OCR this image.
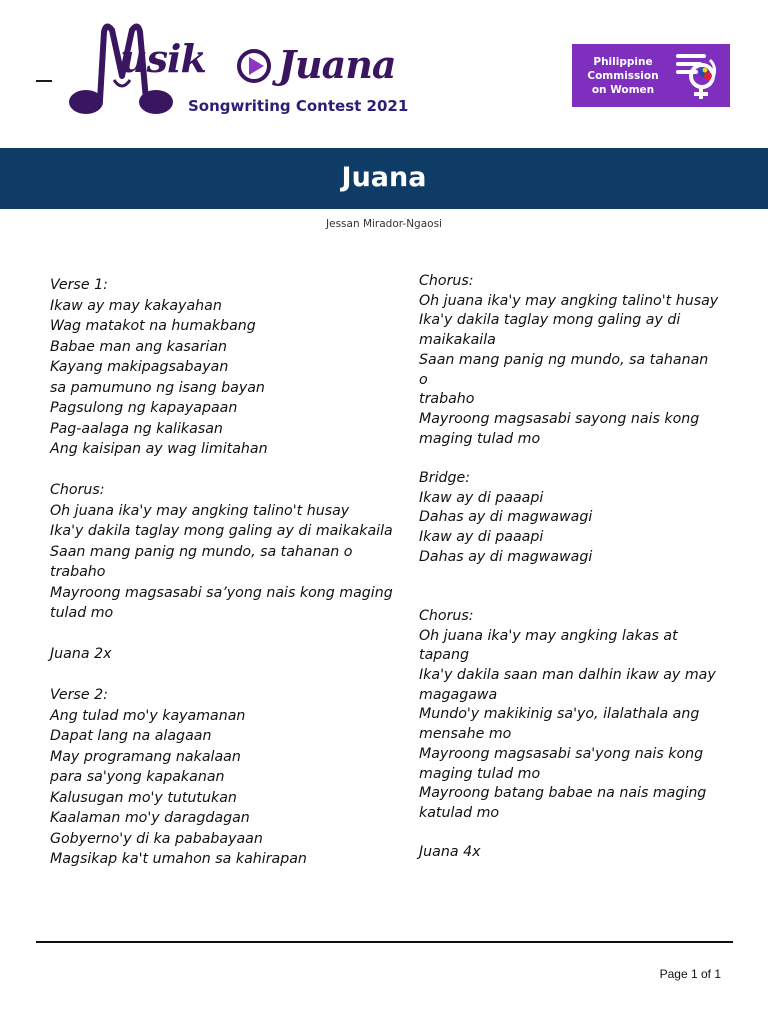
usik Juana
Songwriting Contest 2021
Philippine
Commission
on Women
Juana
Jessan Mirador-Ngaosi
Verse 1:
Ikaw ay may kakayahan
Wag matakot na humakbang
Babae man ang kasarian
Kayang makipagsabayan
sa pamumuno ng isang bayan
Pagsulong ng kapayapaan
Pag-aalaga ng kalikasan
Ang kaisipan ay wag limitahan
Chorus:
Oh juana ika'y may angking talino't husay
Ika'y dakila taglay mong galing ay di maikakaila
Saan mang panig ng mundo, sa tahanan o
trabaho
Mayroong magsasabi sa’yong nais kong maging
tulad mo
Juana 2x
Verse 2:
Ang tulad mo'y kayamanan
Dapat lang na alagaan
May programang nakalaan
para sa'yong kapakanan
Kalusugan mo'y tututukan
Kaalaman mo'y daragdagan
Gobyerno'y di ka pababayaan
Magsikap ka't umahon sa kahirapan
Chorus:
Oh juana ika'y may angking talino't husay
Ika'y dakila taglay mong galing ay di
maikakaila
Saan mang panig ng mundo, sa tahanan o
trabaho
Mayroong magsasabi sayong nais kong
maging tulad mo
Bridge:
Ikaw ay di paaapi
Dahas ay di magwawagi
Ikaw ay di paaapi
Dahas ay di magwawagi
Chorus:
Oh juana ika'y may angking lakas at tapang
Ika'y dakila saan man dalhin ikaw ay may
magagawa
Mundo'y makikinig sa'yo, ilalathala ang
mensahe mo
Mayroong magsasabi sa'yong nais kong
maging tulad mo
Mayroong batang babae na nais maging
katulad mo
Juana 4x
Page 1 of 1
